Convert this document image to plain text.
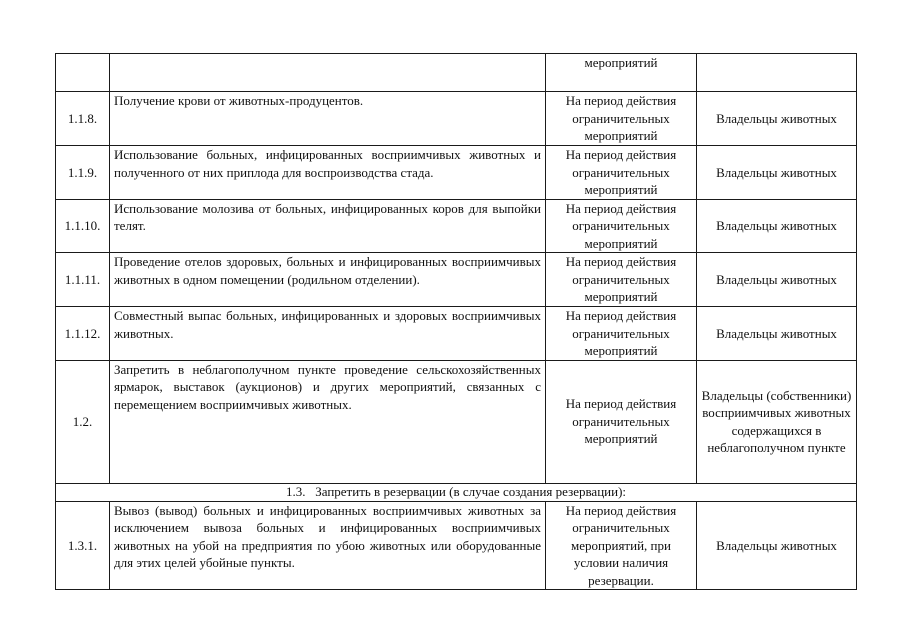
		мероприятий	
1.1.8.	Получение крови от животных-продуцентов.	На период действия ограничительных мероприятий	Владельцы животных
1.1.9.	Использование больных, инфицированных восприимчивых животных и полученного от них приплода для воспроизводства стада.	На период действия ограничительных мероприятий	Владельцы животных
1.1.10.	Использование молозива от больных, инфицированных коров для выпойки телят.	На период действия ограничительных мероприятий	Владельцы животных
1.1.11.	Проведение отелов здоровых, больных и инфицированных восприимчивых животных в одном помещении (родильном отделении).	На период действия ограничительных мероприятий	Владельцы животных
1.1.12.	Совместный выпас больных, инфицированных и здоровых восприимчивых животных.	На период действия ограничительных мероприятий	Владельцы животных
1.2.	Запретить в неблагополучном пункте проведение сельскохозяйственных ярмарок, выставок (аукционов) и других мероприятий, связанных с перемещением восприимчивых животных.	На период действия ограничительных мероприятий	Владельцы (собственники) восприимчивых животных содержащихся в неблагополучном пункте
1.3.   Запретить в резервации (в случае создания резервации):			
1.3.1.	Вывоз (вывод) больных и инфицированных восприимчивых животных за исключением вывоза больных и инфицированных восприимчивых животных на убой на предприятия по убою животных или оборудованные для этих целей убойные пункты.	На период действия ограничительных мероприятий, при условии наличия резервации.	Владельцы животных
